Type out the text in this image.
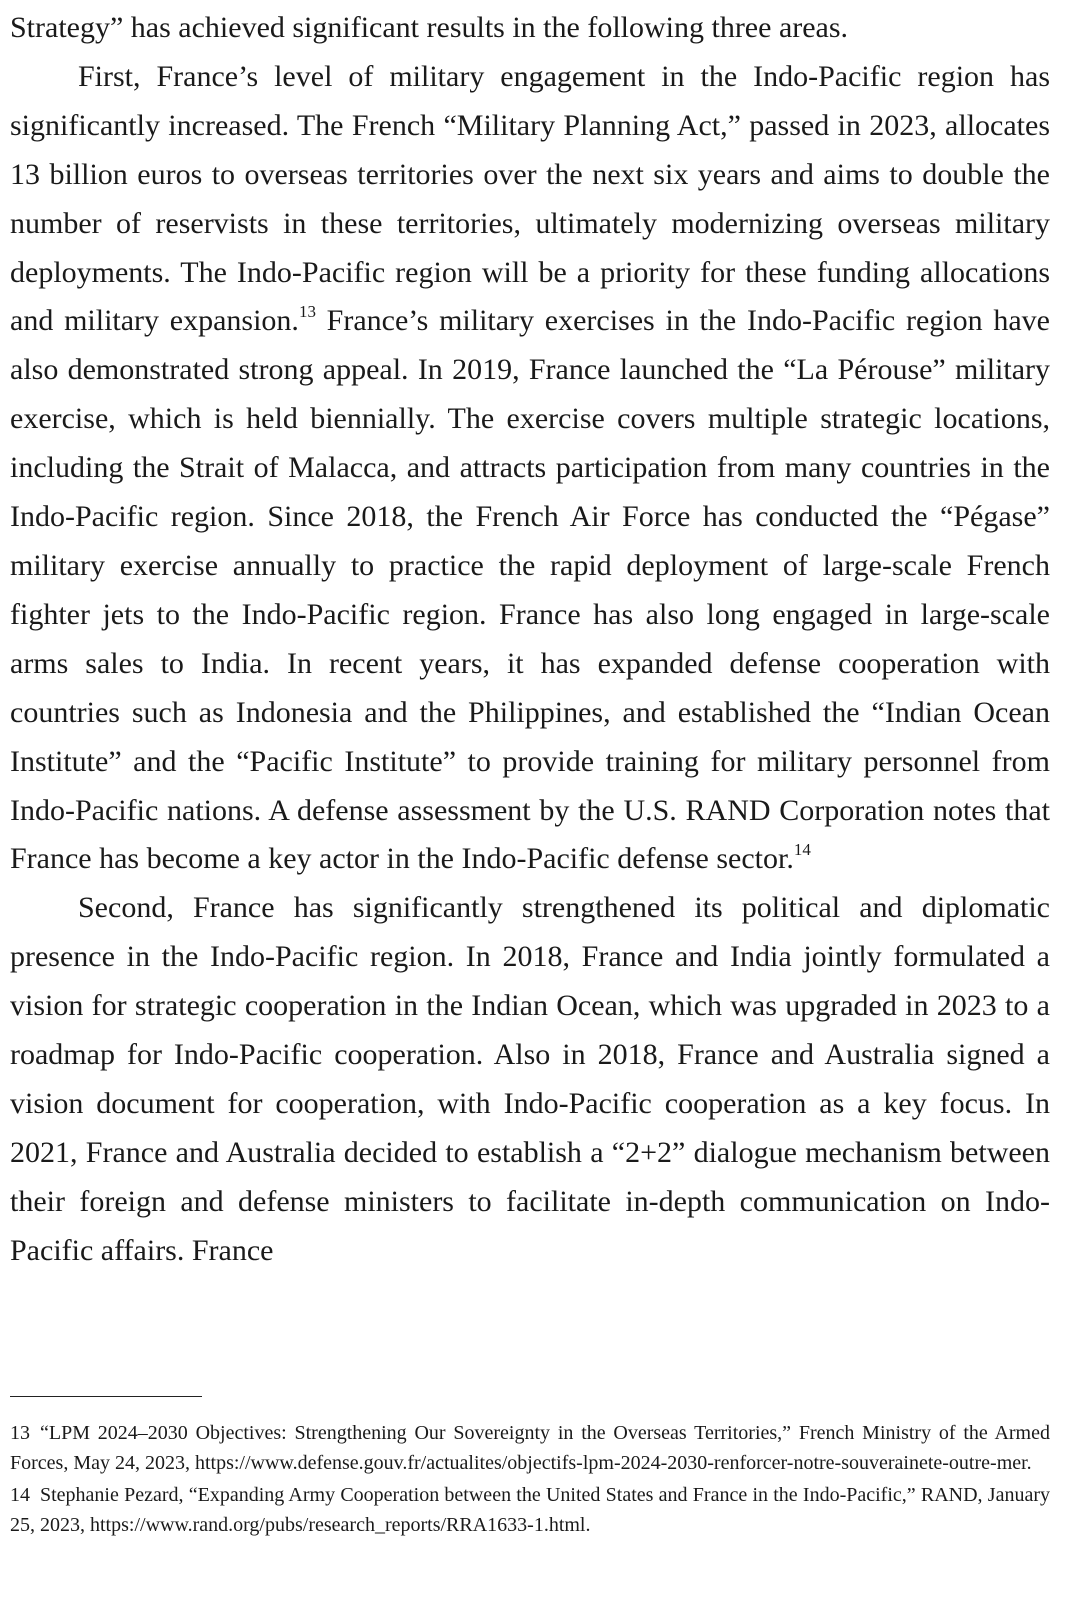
Strategy” has achieved significant results in the following three areas.

First, France’s level of military engagement in the Indo-Pacific region has significantly increased. The French “Military Planning Act,” passed in 2023, allocates 13 billion euros to overseas territories over the next six years and aims to double the number of reservists in these territories, ultimately modernizing overseas military deployments. The Indo-Pacific region will be a priority for these funding allocations and military expansion.$^{13}$ France’s military exercises in the Indo-Pacific region have also demonstrated strong appeal. In 2019, France launched the “La Pérouse” military exercise, which is held biennially. The exercise covers multiple strategic locations, including the Strait of Malacca, and attracts participation from many countries in the Indo-Pacific region. Since 2018, the French Air Force has conducted the “Pégase” military exercise annually to practice the rapid deployment of large-scale French fighter jets to the Indo-Pacific region. France has also long engaged in large-scale arms sales to India. In recent years, it has expanded defense cooperation with countries such as Indonesia and the Philippines, and established the “Indian Ocean Institute” and the “Pacific Institute” to provide training for military personnel from Indo-Pacific nations. A defense assessment by the U.S. RAND Corporation notes that France has become a key actor in the Indo-Pacific defense sector.$^{14}$

Second, France has significantly strengthened its political and diplomatic presence in the Indo-Pacific region. In 2018, France and India jointly formulated a vision for strategic cooperation in the Indian Ocean, which was upgraded in 2023 to a roadmap for Indo-Pacific cooperation. Also in 2018, France and Australia signed a vision document for cooperation, with Indo-Pacific cooperation as a key focus. In 2021, France and Australia decided to establish a “2+2” dialogue mechanism between their foreign and defense ministers to facilitate in-depth communication on Indo-Pacific affairs. France

13 “LPM 2024–2030 Objectives: Strengthening Our Sovereignty in the Overseas Territories,” French Ministry of the Armed Forces, May 24, 2023, https://www.defense.gouv.fr/actualites/objectifs-lpm-2024-2030-renforcer-notre-souverainete-outre-mer.

14 Stephanie Pezard, “Expanding Army Cooperation between the United States and France in the Indo-Pacific,” RAND, January 25, 2023, https://www.rand.org/pubs/research_reports/RRA1633-1.html.
